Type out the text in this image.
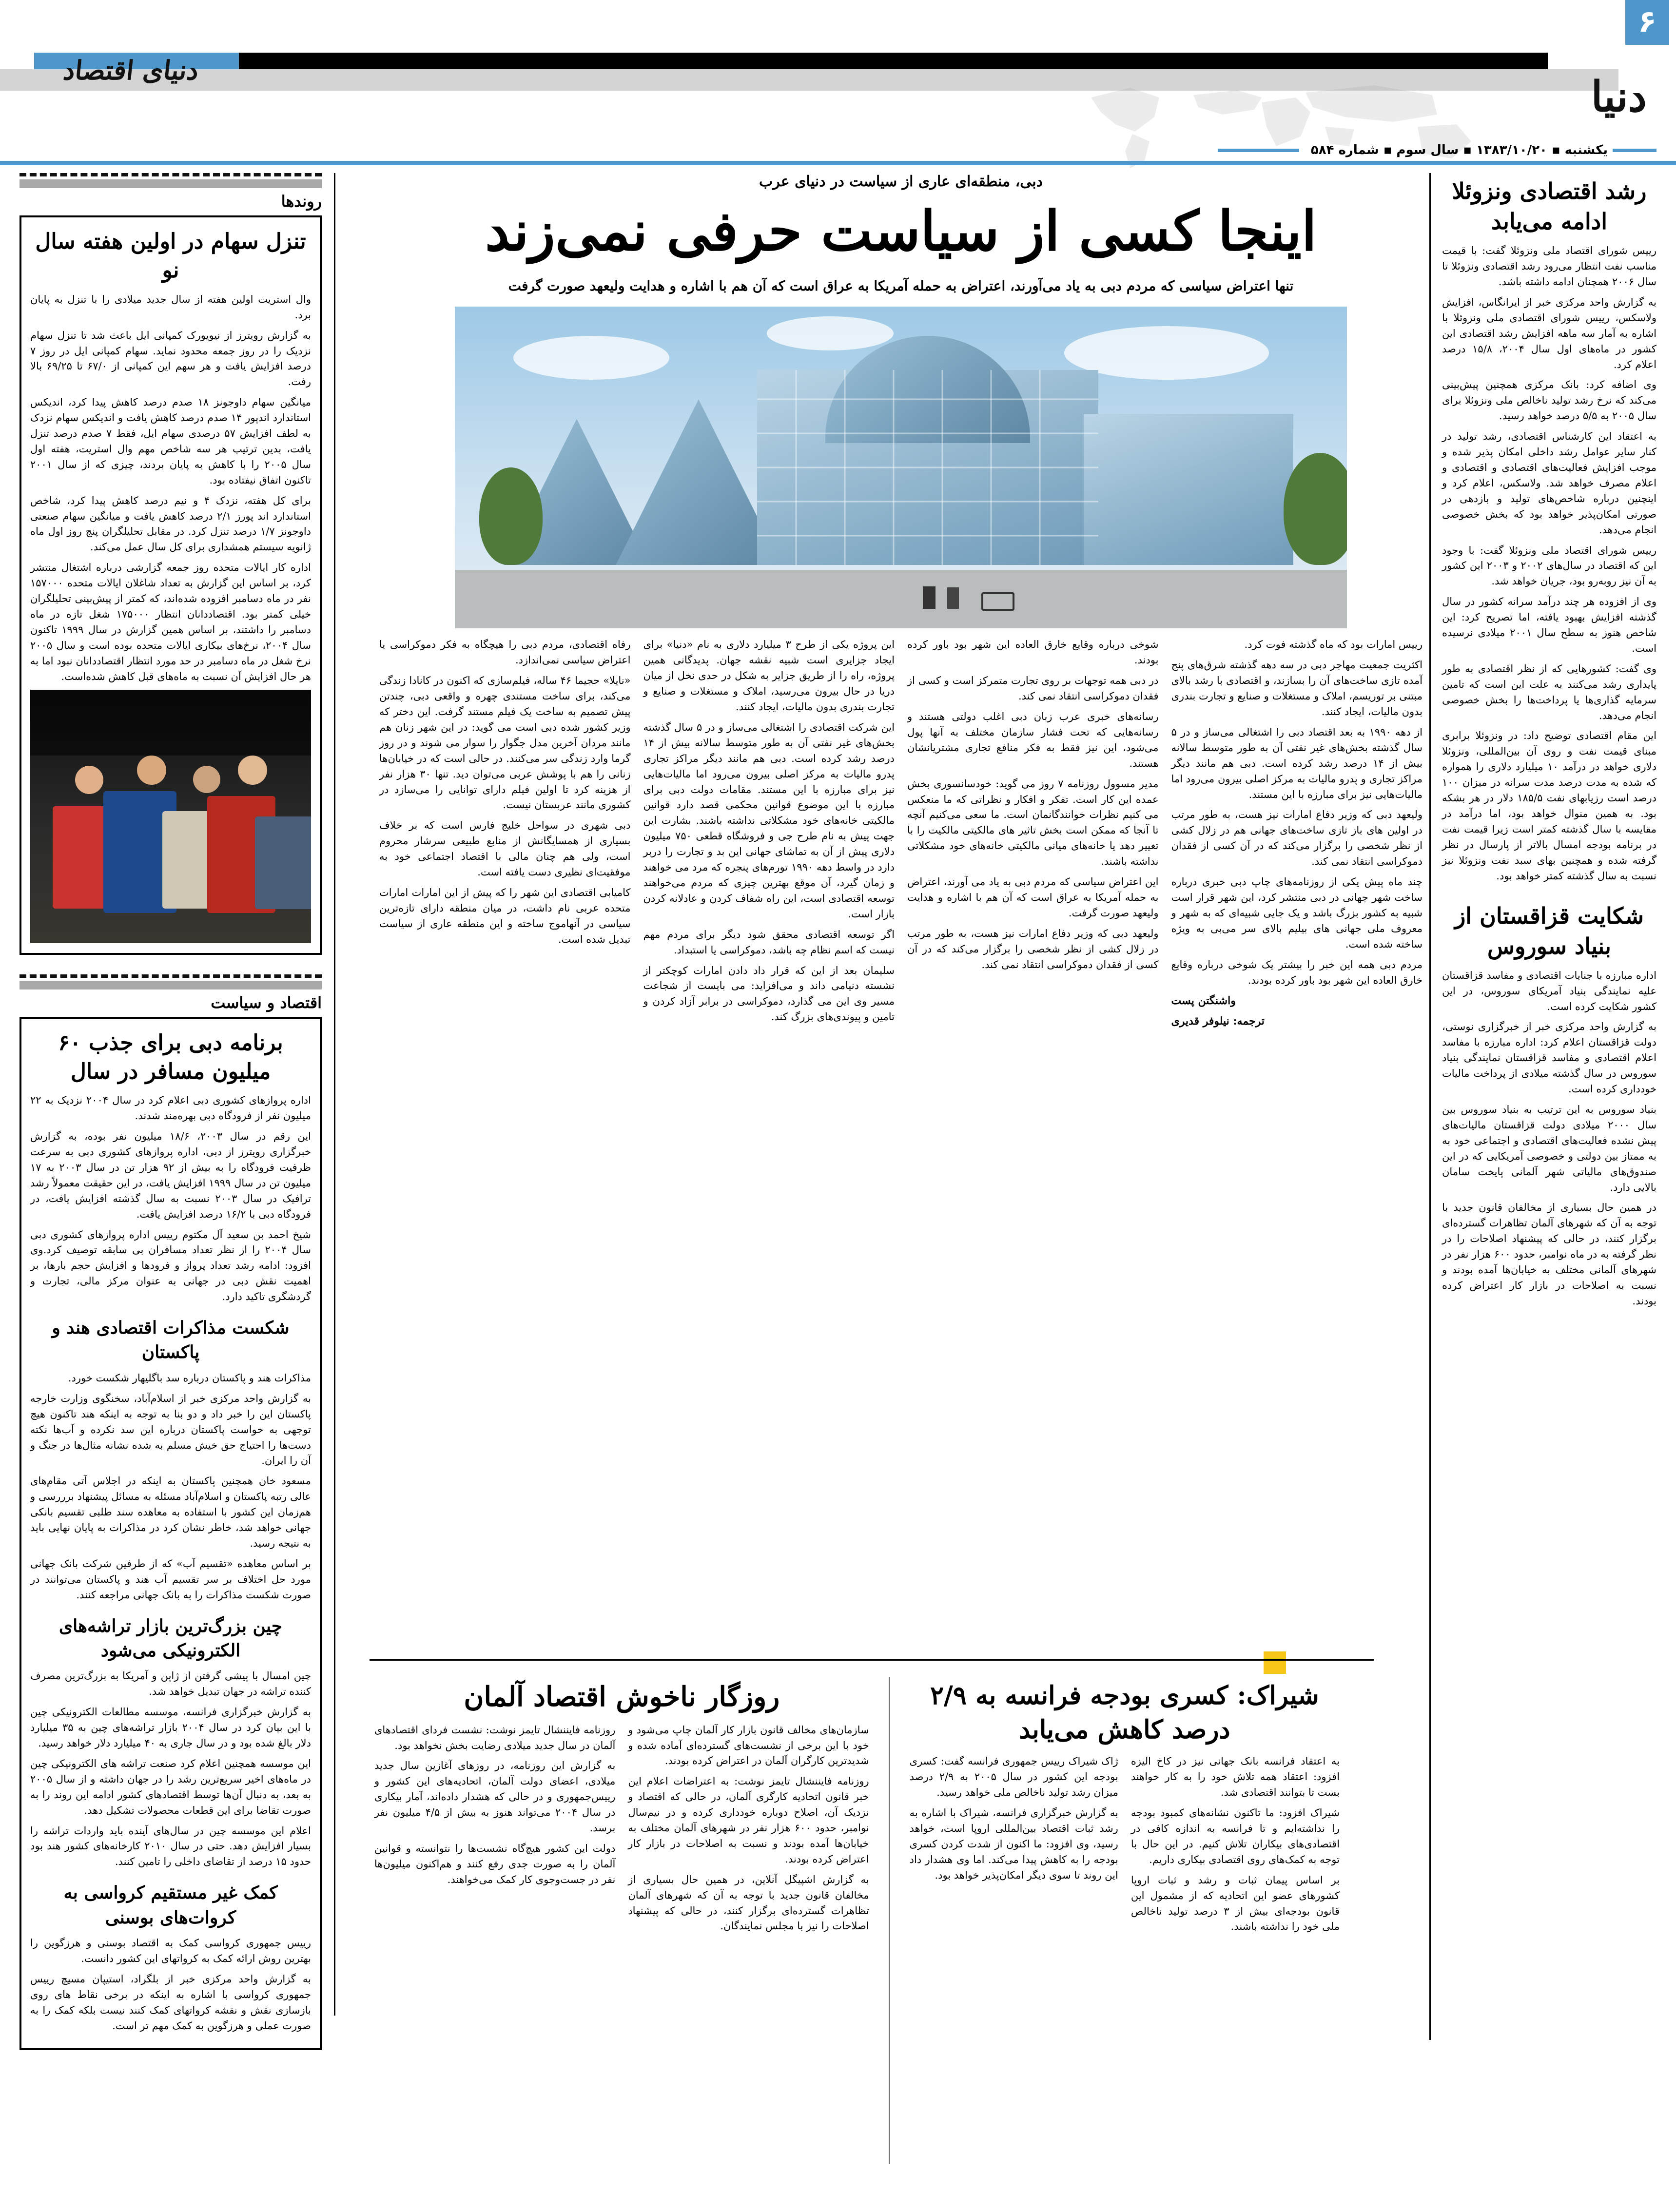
۶
دنیای اقتصاد
دنیا
یکشنبه ▪ ۱۳۸۳/۱۰/۲۰ ▪ سال سوم ▪ شماره ۵۸۴
رشد اقتصادی ونزوئلا ادامه می‌یابد

رییس شورای اقتصاد ملی ونزوئلا گفت: با قیمت مناسب نفت انتظار می‌رود رشد اقتصادی ونزوئلا تا سال ۲۰۰۶ همچنان ادامه داشته باشد.

به گزارش واحد مرکزی خبر از ایرانگاس، افزایش ولاسکس، رییس شورای اقتصادی ملی ونزوئلا با اشاره به آمار سه ماهه افزایش رشد اقتصادی این کشور در ماه‌های اول سال ۲۰۰۴، ۱۵/۸ درصد اعلام کرد.

وی اضافه کرد: بانک مرکزی همچنین پیش‌بینی می‌کند که نرخ رشد تولید ناخالص ملی ونزوئلا برای سال ۲۰۰۵ به ۵/۵ درصد خواهد رسید.

به اعتقاد این کارشناس اقتصادی، رشد تولید در کنار سایر عوامل رشد داخلی امکان پذیر شده و موجب افزایش فعالیت‌های اقتصادی و اقتصادی و اعلام مصرف خواهد شد. ولاسکس، اعلام کرد و اینچنین درباره شاخص‌های تولید و بازدهی در صورتی امکان‌پذیر خواهد بود که بخش خصوصی انجام می‌دهد.

رییس شورای اقتصاد ملی ونزوئلا گفت: با وجود این که اقتصاد در سال‌های ۲۰۰۲ و ۲۰۰۳ این کشور به آن نیز روبه‌رو بود، جریان خواهد شد.

وی از افزوده هر چند درآمد سرانه کشور در سال گذشته افزایش بهبود یافته، اما تصریح کرد: این شاخص هنوز به سطح سال ۲۰۰۱ میلادی نرسیده است.

وی گفت: کشورهایی که از نظر اقتصادی به طور پایداری رشد می‌کنند به علت این است که تامین سرمایه گذاری‌ها یا پرداخت‌ها را بخش خصوصی انجام می‌دهد.

این مقام اقتصادی توضیح داد: در ونزوئلا برابری مبنای قیمت نفت و روی آن بین‌المللی، ونزوئلا دلاری خواهد در درآمد ۱۰ میلیارد دلاری را همواره که شده به مدت درصد مدت سرانه در میزان ۱۰۰ درصد است رزیابهای نفت ۱۸۵/۵ دلار در هر بشکه بود. به همین منوال خواهد بود، اما درآمد در مقایسه با سال گذشته کمتر است زیرا قیمت نفت در برنامه بودجه امسال بالاتر از پارسال در نظر گرفته شده و همچنین بهای سبد نفت ونزوئلا نیز نسبت به سال گذشته کمتر خواهد بود.

شکایت قزاقستان از بنیاد سوروس

اداره مبارزه با جنایات اقتصادی و مفاسد قزاقستان علیه نمایندگی بنیاد آمریکای سوروس، در این کشور شکایت کرده است.

به گزارش واحد مرکزی خبر از خبرگزاری نوستی، دولت قزاقستان اعلام کرد: اداره مبارزه با مفاسد اعلام اقتصادی و مفاسد قزاقستان نمایندگی بنیاد سوروس در سال گذشته میلادی از پرداخت مالیات خودداری کرده است.

بنیاد سوروس به این ترتیب به بنیاد سوروس بین سال ۲۰۰۰ میلادی دولت قزاقستان مالیات‌های پیش نشده فعالیت‌های اقتصادی و اجتماعی خود به به ممتاز بین دولتی و خصوصی آمریکایی که در این صندوق‌های مالیاتی شهر آلمانی پایخت سامان بالایی دارد.

در همین حال بسیاری از مخالفان قانون جدید با توجه به آن که شهرهای آلمان تظاهرات گسترده‌ای برگزار کنند، در حالی که پیشنهاد اصلاحات را در نظر گرفته به در ماه نوامبر، حدود ۶۰۰ هزار نفر در شهرهای آلمانی مختلف به خیابان‌ها آمده بودند و نسبت به اصلاحات در بازار کار اعتراض کرده بودند.

دبی، منطقه‌ای عاری از سیاست در دنیای عرب
اینجا کسی از سیاست حرفی نمی‌زند
تنها اعتراض سیاسی که مردم دبی به یاد می‌آورند، اعتراض به حمله آمریکا به عراق است که آن هم با اشاره و هدایت ولیعهد صورت گرفت

رییس امارات بود که ماه گذشته فوت کرد.

اکثریت جمعیت مهاجر دبی در سه دهه گذشته شرق‌های پنج آمده تازی ساخت‌های آن را بسازند، و اقتصادی با رشد بالای مبتنی بر توریسم، املاک و مستغلات و صنایع و تجارت بندری بدون مالیات، ایجاد کنند.

از دهه ۱۹۹۰ به بعد اقتصاد دبی را اشتغالی می‌ساز و در ۵ سال گذشته بخش‌های غیر نفتی آن به طور متوسط سالانه بیش از ۱۴ درصد رشد کرده است. دبی هم مانند دیگر مراکز تجاری و پدرو مالیات به مرکز اصلی بیرون می‌رود اما مالیات‌هایی نیز برای مبارزه با این مستند.

ولیعهد دبی که وزیر دفاع امارات نیز هست، به طور مرتب در اولین های باز تازی ساخت‌های جهانی هم در زلال کشی از نظر شخصی را برگزار می‌کند که در آن کسی از فقدان دموکراسی انتقاد نمی کند.

چند ماه پیش یکی از روزنامه‌های چاپ دبی خبری درباره ساخت شهر جهانی در دبی منتشر کرد، این شهر قرار است شبیه به کشور بزرگ باشد و یک جایی شبیه‌ای که به شهر و معروف ملی جهانی های بیلیم بالای سر می‌بی به ویژه ساخته شده است.

مردم دبی همه این خبر را بیشتر یک شوخی درباره وقایع خارق العاده این شهر بود باور کرده بودند.

واشنگتن پست
ترجمه: نیلوفر قدیری

شوخی درباره وقایع خارق العاده این شهر بود باور کرده بودند.

در دبی همه توجهات بر روی تجارت متمرکز است و کسی از فقدان دموکراسی انتقاد نمی کند.

رسانه‌های خبری عرب زبان دبی اغلب دولتی هستند و رسانه‌هایی که تحت فشار سازمان مختلف به آنها پول می‌شود، این نیز فقط به فکر منافع تجاری مشتریانشان هستند.

مدیر مسوول روزنامه ۷ روز می گوید: خودسانسوری بخش عمده این کار است. تفکر و افکار و نظراتی که ما منعکس می کنیم نظرات خوانندگانمان است. ما سعی می‌کنیم آنچه تا آنجا که ممکن است بخش تاثیر های مالکیتی مالکیت را با تغییر دهد یا خانه‌های میانی مالکیتی خانه‌های خود مشکلاتی نداشته باشند.

این اعتراض سیاسی که مردم دبی به یاد می آورند، اعتراض به حمله آمریکا به عراق است که آن هم با اشاره و هدایت ولیعهد صورت گرفت.

ولیعهد دبی که وزیر دفاع امارات نیز هست، به طور مرتب در زلال کشی از نظر شخصی را برگزار می‌کند که در آن کسی از فقدان دموکراسی انتقاد نمی کند.

این پروژه یکی از طرح ۳ میلیارد دلاری به نام «دنیا» برای ایجاد جزایری است شبیه نقشه جهان. پدیدگانی همین پروژه، راه را از طریق جزایر به شکل در حدی نخل از میان دریا در حال بیرون می‌رسید، املاک و مستغلات و صنایع و تجارت بندری بدون مالیات، ایجاد کنند.

این شرکت اقتصادی را اشتغالی می‌ساز و در ۵ سال گذشته بخش‌های غیر نفتی آن به طور متوسط سالانه بیش از ۱۴ درصد رشد کرده است. دبی هم مانند دیگر مراکز تجاری پدرو مالیات به مرکز اصلی بیرون می‌رود اما مالیات‌هایی نیز برای مبارزه با این مستند. مقامات دولت دبی برای مبارزه با این موضوع قوانین محکمی قصد دارد قوانین مالکیتی خانه‌های خود مشکلاتی نداشته باشند. بشارت این جهت پیش به نام طرح جی و فروشگاه قطعی ۷۵۰ میلیون دلاری پیش از آن به تماشای جهانی این بد و تجارت را دربر دارد در واسط دهه ۱۹۹۰ تورم‌های پنجره که مرد می خواهند و زمان گیرد، آن موقع بهترین چیزی که مردم می‌خواهند توسعه اقتصادی است، این راه شفاف کردن و عادلانه کردن بازار است.

اگر توسعه اقتصادی محقق شود دیگر برای مردم مهم نیست که اسم نظام چه باشد، دموکراسی یا استبداد.

سلیمان بعد از این که قرار داد دادن امارات کوچکتر از نشسته دنیامی داند و می‌افزاید: می بایست از شجاعت مسیر وی این می گذارد، دموکراسی در برابر آزاد کردن و تامین و پیوندی‌های بزرگ کند.

رفاه اقتصادی، مردم دبی را هیچگاه به فکر دموکراسی یا اعتراض سیاسی نمی‌اندازد.

«نایلا» حجیما ۴۶ ساله، فیلم‌سازی که اکنون در کانادا زندگی می‌کند، برای ساخت مستندی چهره و واقعی دبی، چندتن پیش تصمیم به ساخت یک فیلم مستند گرفت. این دختر که وزیر کشور شده دبی است می گوید: در این شهر زنان هم مانند مردان آخرین مدل جگوار را سوار می شوند و در روز گرما وارد زندگی سر می‌کنند. در حالی است که در خیابان‌ها زنانی را هم با پوشش عربی می‌توان دید. تنها ۳۰ هزار نفر از هزینه کرد تا اولین فیلم دارای توانایی را می‌سازد در کشوری مانند عربستان نیست.

دبی شهری در سواحل خلیج فارس است که بر خلاف بسیاری از همسایگانش از منابع طبیعی سرشار محروم است، ولی هم چنان مالی با اقتصاد اجتماعی خود به موفقیت‌ای نظیری دست یافته است.

کامیابی اقتصادی این شهر را که پیش از این امارات امارات متحده عربی نام داشت، در میان منطقه دارای تازه‌ترین سیاسی در آنهاموج ساخته و این منطقه عاری از سیاست تبدیل شده است.

روندها
تنزل سهام در اولین هفته سال نو

وال استریت اولین هفته از سال جدید میلادی را با تنزل به پایان برد.

به گزارش رویترز از نیویورک کمپانی ایل باعث شد تا تنزل سهام نزدیک را در روز جمعه محدود نماید. سهام کمپانی ایل در روز ۷ درصد افزایش یافت و هر سهم این کمپانی از ۶۷/۰ تا ۶۹/۲۵ بالا رفت.

میانگین سهام داوجونز ۱۸ صدم درصد کاهش پیدا کرد، اندیکس استاندارد اندپور ۱۴ صدم درصد کاهش یافت و اندیکس سهام نزدک به لطف افزایش ۵۷ درصدی سهام ایل، فقط ۷ صدم درصد تنزل یافت، بدین ترتیب هر سه شاخص مهم وال استریت، هفته اول سال ۲۰۰۵ را با کاهش به پایان بردند، چیزی که از سال ۲۰۰۱ تاکنون اتفاق نیفتاده بود.

برای کل هفته، نزدک ۴ و نیم درصد کاهش پیدا کرد، شاخص استاندارد اند پورز ۲/۱ درصد کاهش یافت و میانگین سهام صنعتی داوجونز ۱/۷ درصد تنزل کرد. در مقابل تحلیلگران پنج روز اول ماه ژانویه سیستم همشداری برای کل سال عمل می‌کند.

اداره کار ایالات متحده روز جمعه گزارشی درباره اشتغال منتشر کرد، بر اساس این گزارش به تعداد شاغلان ایالات متحده ۱۵۷۰۰۰ نفر در ماه دسامبر افزوده شده‌اند، که کمتر از پیش‌بینی تحلیلگران خیلی کمتر بود. اقتصاددانان انتظار ۱۷۵۰۰۰ شغل تازه در ماه دسامبر را داشتند، بر اساس همین گزارش در سال ۱۹۹۹ تاکنون سال ۲۰۰۴، نرخ‌های بیکاری ایالات متحده بوده است و سال ۲۰۰۵ نرخ شغل در ماه دسامبر در حد مورد انتظار اقتصاددانان نبود اما به هر حال افزایش آن نسبت به ماه‌های قبل کاهش شده‌است.

اقتصاد و سیاست
برنامه دبی برای جذب ۶۰ میلیون مسافر در سال

اداره پروازهای کشوری دبی اعلام کرد در سال ۲۰۰۴ نزدیک به ۲۲ میلیون نفر از فرودگاه دبی بهره‌مند شدند.

این رقم در سال ۲۰۰۳، ۱۸/۶ میلیون نفر بوده، به گزارش خبرگزاری رویترز از دبی، اداره پروازهای کشوری دبی به سرعت ظرفیت فرودگاه را به بیش از ۹۲ هزار تن در سال ۲۰۰۳ به ۱۷ میلیون تن در سال ۱۹۹۹ افزایش یافت، در این حقیقت معمولاً رشد ترافیک در سال ۲۰۰۳ نسبت به سال گذشته افزایش یافت، در فرودگاه دبی با ۱۶/۲ درصد افزایش یافت.

شیخ احمد بن سعید آل مکتوم رییس اداره پروازهای کشوری دبی سال ۲۰۰۴ را از نظر تعداد مسافران بی سابقه توصیف کرد.وی افزود: ادامه رشد تعداد پرواز و فرودها و افزایش حجم بارها، بر اهمیت نقش دبی در جهانی به عنوان مرکز مالی، تجارت و گردشگری تاکید دارد.

شکست مذاکرات اقتصادی هند و پاکستان

مذاکرات هند و پاکستان درباره سد باگلیهار شکست خورد.

به گزارش واحد مرکزی خبر از اسلام‌آباد، سخنگوی وزارت خارجه پاکستان این را خبر داد و دو بنا به توجه به اینکه هند تاکنون هیچ توجهی به خواست پاکستان درباره این سد نکرده و آب‌ها نکته دست‌ها را احتیاج حق خیش مسلم به شده نشانه مثال‌ها در جنگ و آن را ایران.

مسعود خان همچنین پاکستان به اینکه در اجلاس آتی مقام‌های عالی رتبه پاکستان و اسلام‌آباد مسئله به مسائل پیشنهاد برررسی و هم‌زمان این کشور با استفاده به معاهده سند طلبی تقسیم بانکی جهانی خواهد شد، خاطر نشان کرد در مذاکرات به پایان نهایی باید به نتیجه رسید.

بر اساس معاهده «تقسیم آب» که از طرفین شرکت بانک جهانی مورد حل اختلاف بر سر تقسیم آب هند و پاکستان می‌توانند در صورت شکست مذاکرات را به بانک جهانی مراجعه کنند.

چین بزرگ‌ترین بازار تراشه‌های الکترونیکی می‌شود

چین امسال با پیشی گرفتن از ژاپن و آمریکا به بزرگ‌ترین مصرف کننده تراشه در جهان تبدیل خواهد شد.

به گزارش خبرگزاری فرانسه، موسسه مطالعات الکترونیکی چین با این بیان کرد در سال ۲۰۰۴ بازار تراشه‌های چین به ۳۵ میلیارد دلار بالغ شده بود و در سال جاری به ۴۰ میلیارد دلار خواهد رسید.

این موسسه همچنین اعلام کرد صنعت تراشه های الکترونیکی چین در ماه‌های اخیر سریع‌ترین رشد را در جهان داشته و از سال ۲۰۰۵ به بعد، به دنبال آن‌ها توسط اقتصادهای کشور ادامه این روند را به صورت تقاضا برای این قطعات محصولات تشکیل دهد.

اعلام این موسسه چین در سال‌های آینده باید واردات تراشه را بسیار افزایش دهد. حتی در سال ۲۰۱۰ کارخانه‌های کشور هند بود حدود ۱۵ درصد از تقاضای داخلی را تامین کنند.

کمک غیر مستقیم کرواسی به کروات‌های بوسنی

رییس جمهوری کرواسی کمک به اقتصاد بوسنی و هرزگوین را بهترین روش ارائه کمک به کرواتهای این کشور دانست.

به گزارش واحد مرکزی خبر از بلگراد، استیپان مسیچ رییس جمهوری کرواسی با اشاره به اینکه در برخی نقاط های روی بازسازی نقش و نقشه کرواتهای کمک کنند نیست بلکه کمک را به صورت عملی و هرزگوین به کمک مهم تر است.

شیراک: کسری بودجه فرانسه به ۲/۹ درصد کاهش می‌یابد

به اعتقاد فرانسه بانک جهانی نیز در کاخ الیزه افزود: اعتقاد همه تلاش خود را به کار خواهند بست تا بتوانند اقتصادی شد.

شیراک افزود: ما تاکنون نشانه‌های کمبود بودجه را نداشته‌ایم و تا فرانسه به اندازه کافی در اقتصادی‌های بیکاران تلاش کنیم. در این حال با توجه به کمک‌های روی اقتصادی بیکاری داریم.

بر اساس پیمان ثبات و رشد و ثبات اروپا کشورهای عضو این اتحادیه که از مشمول این قانون بودجه‌ای بیش از ۳ درصد تولید ناخالص ملی خود را نداشته باشند.

ژاک شیراک رییس جمهوری فرانسه گفت: کسری بودجه این کشور در سال ۲۰۰۵ به ۲/۹ درصد میزان رشد تولید ناخالص ملی خواهد رسید.

به گزارش خبرگزاری فرانسه، شیراک با اشاره به رشد ثبات اقتصاد بین‌المللی اروپا است، خواهد رسید، وی افزود: ما اکنون از شدت کردن کسری بودجه را به کاهش پیدا می‌کند. اما وی هشدار داد این روند تا سوی دیگر امکان‌پذیر خواهد بود.

روزگار ناخوش اقتصاد آلمان

سازمان‌های مخالف قانون بازار کار آلمان چاپ می‌شود و خود با این برخی از نشست‌های گسترده‌ای آماده شده و شدیدترین کارگران آلمان در اعتراض کرده بودند.

روزنامه فایننشال تایمز نوشت: به اعتراضات اعلام این خبر قانون اتحادیه کارگری آلمان، در حالی که اقتصاد و نزدیک آن، اصلاح دوباره خودداری کرده و در نیم‌سال نوامبر، حدود ۶۰۰ هزار نفر در شهرهای آلمان مختلف به خیابان‌ها آمده بودند و نسبت به اصلاحات در بازار کار اعتراض کرده بودند.

به گزارش اشپیگل آنلاین، در همین حال بسیاری از مخالفان قانون جدید با توجه به آن که شهرهای آلمان تظاهرات گسترده‌ای برگزار کنند، در حالی که پیشنهاد اصلاحات را نیز با مجلس نمایندگان.

روزنامه فایننشال تایمز نوشت: نشست فردای اقتصادهای آلمان در سال جدید میلادی رضایت بخش نخواهد بود.

به گزارش این روزنامه، در روزهای آغازین سال جدید میلادی، اعضای دولت آلمان، اتحادیه‌های این کشور و رییس‌جمهوری و در حالی که هشدار داده‌اند، آمار بیکاری در سال ۲۰۰۴ می‌تواند هنوز به بیش از ۴/۵ میلیون نفر برسد.

دولت این کشور هیچ‌گاه نشست‌ها را نتوانسته و قوانین آلمان را به صورت جدی رفع کنند و هم‌اکنون میلیون‌ها نفر در جست‌وجوی کار کمک می‌خواهند.
